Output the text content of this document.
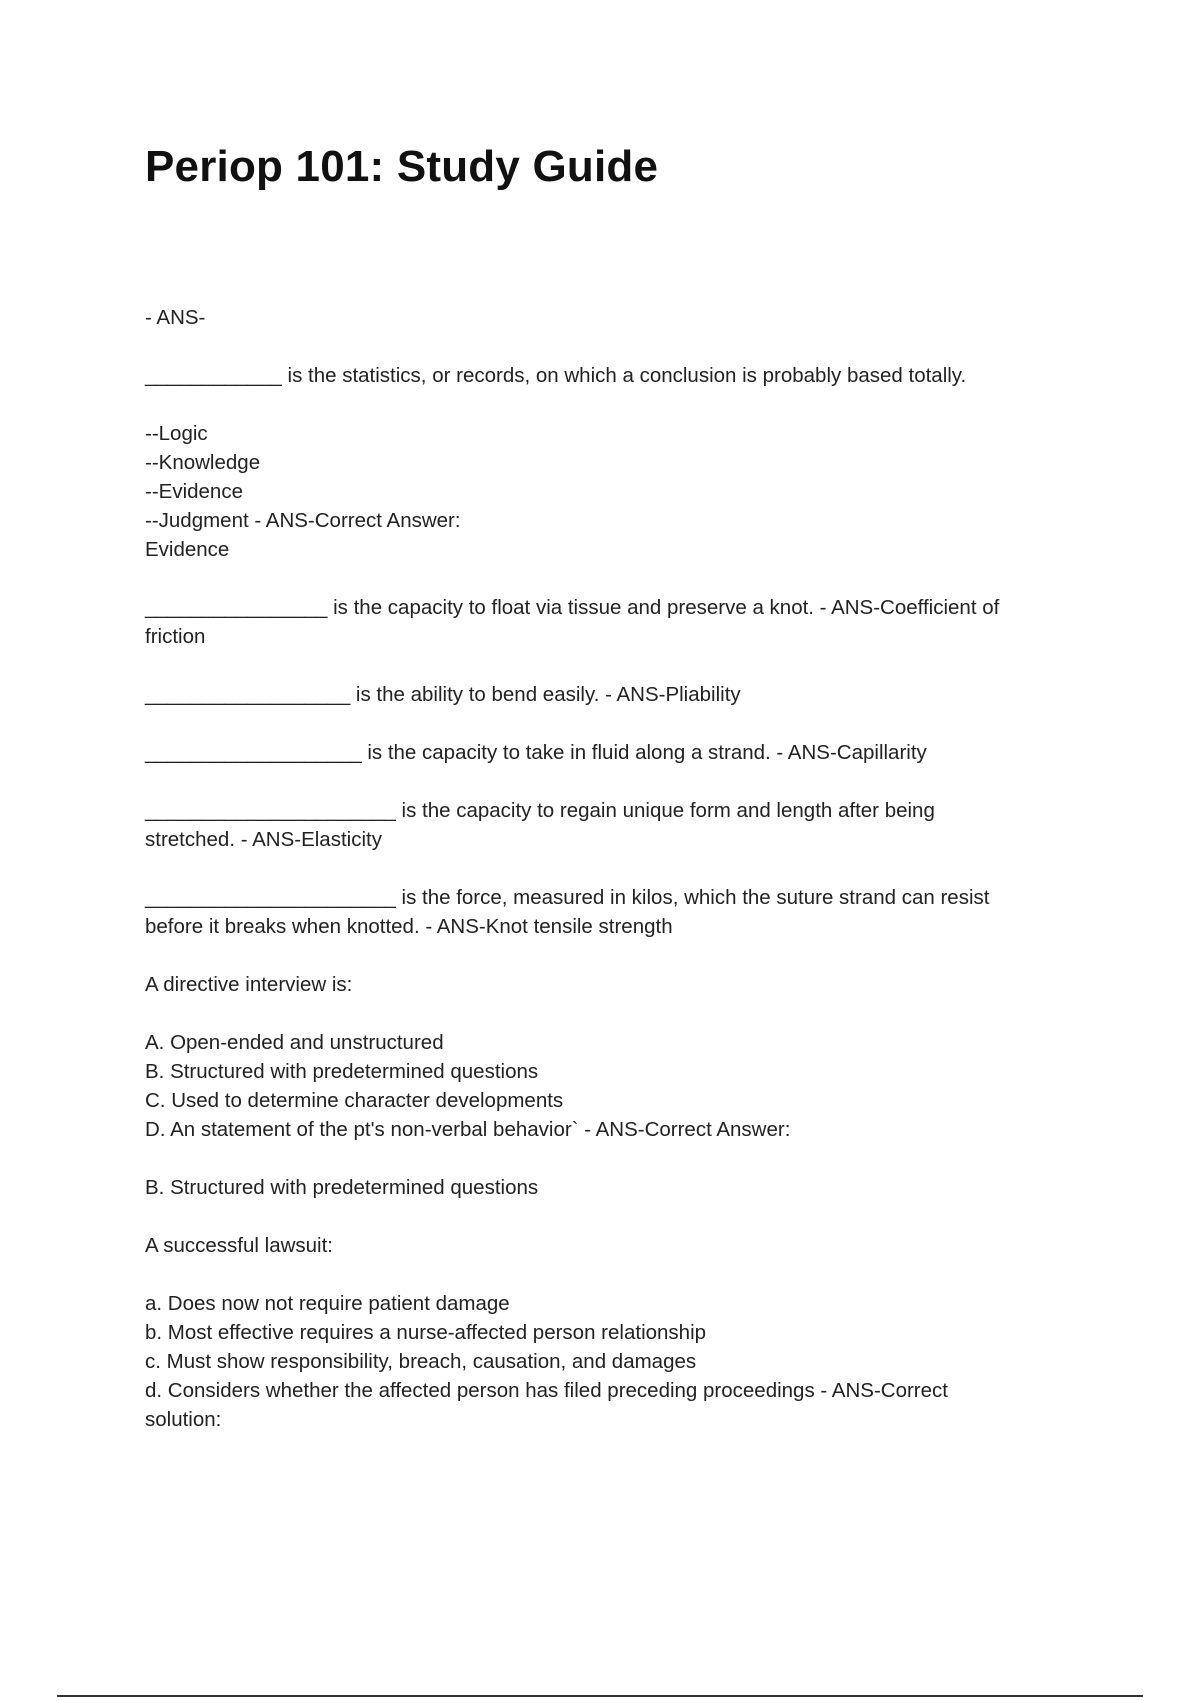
Periop 101: Study Guide

- ANS-

____________ is the statistics, or records, on which a conclusion is probably based totally.

--Logic
--Knowledge
--Evidence
--Judgment - ANS-Correct Answer:
Evidence

________________ is the capacity to float via tissue and preserve a knot. - ANS-Coefficient of
friction

__________________ is the ability to bend easily. - ANS-Pliability

___________________ is the capacity to take in fluid along a strand. - ANS-Capillarity

______________________ is the capacity to regain unique form and length after being
stretched. - ANS-Elasticity

______________________ is the force, measured in kilos, which the suture strand can resist
before it breaks when knotted. - ANS-Knot tensile strength

A directive interview is:

A. Open-ended and unstructured
B. Structured with predetermined questions
C. Used to determine character developments
D. An statement of the pt's non-verbal behavior` - ANS-Correct Answer:

B. Structured with predetermined questions

A successful lawsuit:

a. Does now not require patient damage
b. Most effective requires a nurse-affected person relationship
c. Must show responsibility, breach, causation, and damages
d. Considers whether the affected person has filed preceding proceedings - ANS-Correct
solution:
